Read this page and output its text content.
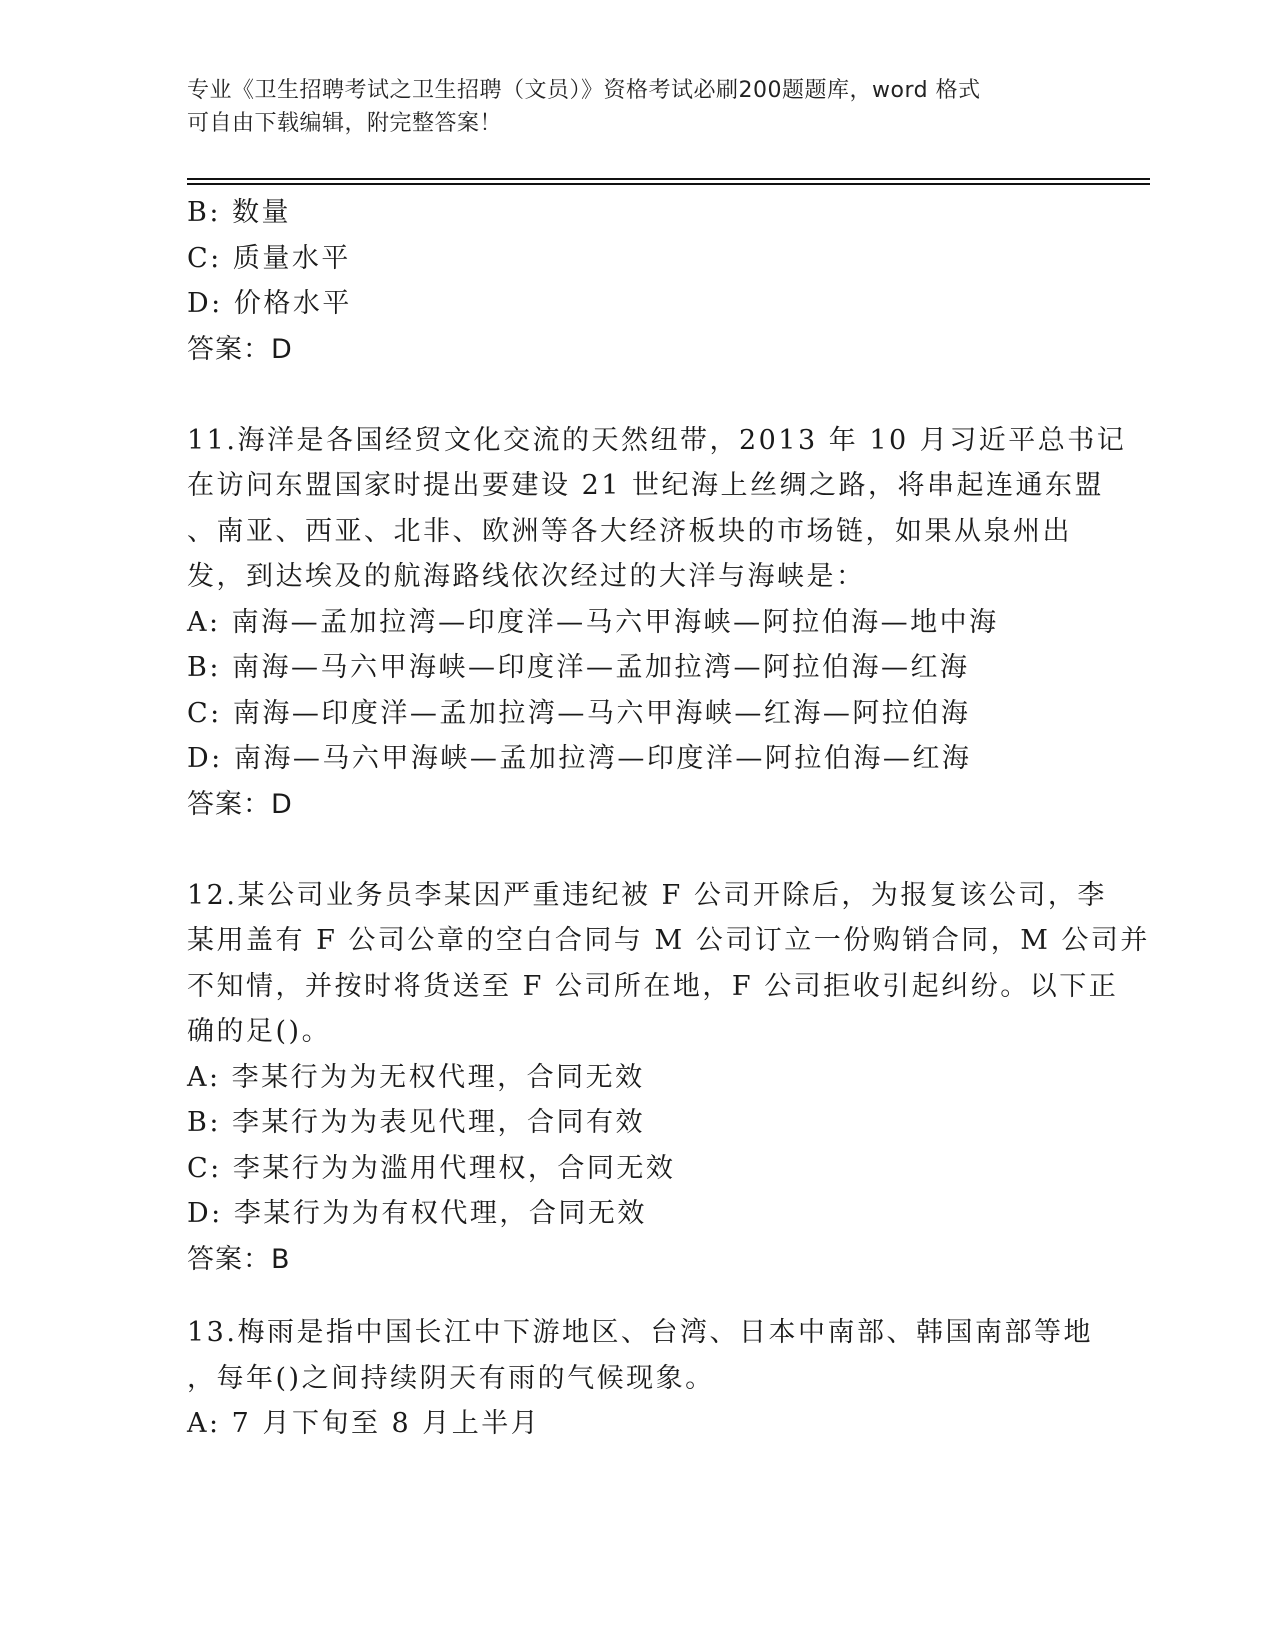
专业《卫生招聘考试之卫生招聘（文员）》资格考试必刷200题题库，word 格式
可自由下载编辑，附完整答案！
B: 数量
C: 质量水平
D: 价格水平
答案：D
11.海洋是各国经贸文化交流的天然纽带，2013 年 10 月习近平总书记
在访问东盟国家时提出要建设 21 世纪海上丝绸之路，将串起连通东盟
、南亚、西亚、北非、欧洲等各大经济板块的市场链，如果从泉州出
发，到达埃及的航海路线依次经过的大洋与海峡是：
A: 南海—孟加拉湾—印度洋—马六甲海峡—阿拉伯海—地中海
B: 南海—马六甲海峡—印度洋—孟加拉湾—阿拉伯海—红海
C: 南海—印度洋—孟加拉湾—马六甲海峡—红海—阿拉伯海
D: 南海—马六甲海峡—孟加拉湾—印度洋—阿拉伯海—红海
答案：D
12.某公司业务员李某因严重违纪被 F 公司开除后，为报复该公司，李
某用盖有 F 公司公章的空白合同与 M 公司订立一份购销合同，M 公司并
不知情，并按时将货送至 F 公司所在地，F 公司拒收引起纠纷。以下正
确的足()。
A: 李某行为为无权代理，合同无效
B: 李某行为为表见代理，合同有效
C: 李某行为为滥用代理权，合同无效
D: 李某行为为有权代理，合同无效
答案：B
13.梅雨是指中国长江中下游地区、台湾、日本中南部、韩国南部等地
，每年()之间持续阴天有雨的气候现象。
A: 7 月下旬至 8 月上半月
